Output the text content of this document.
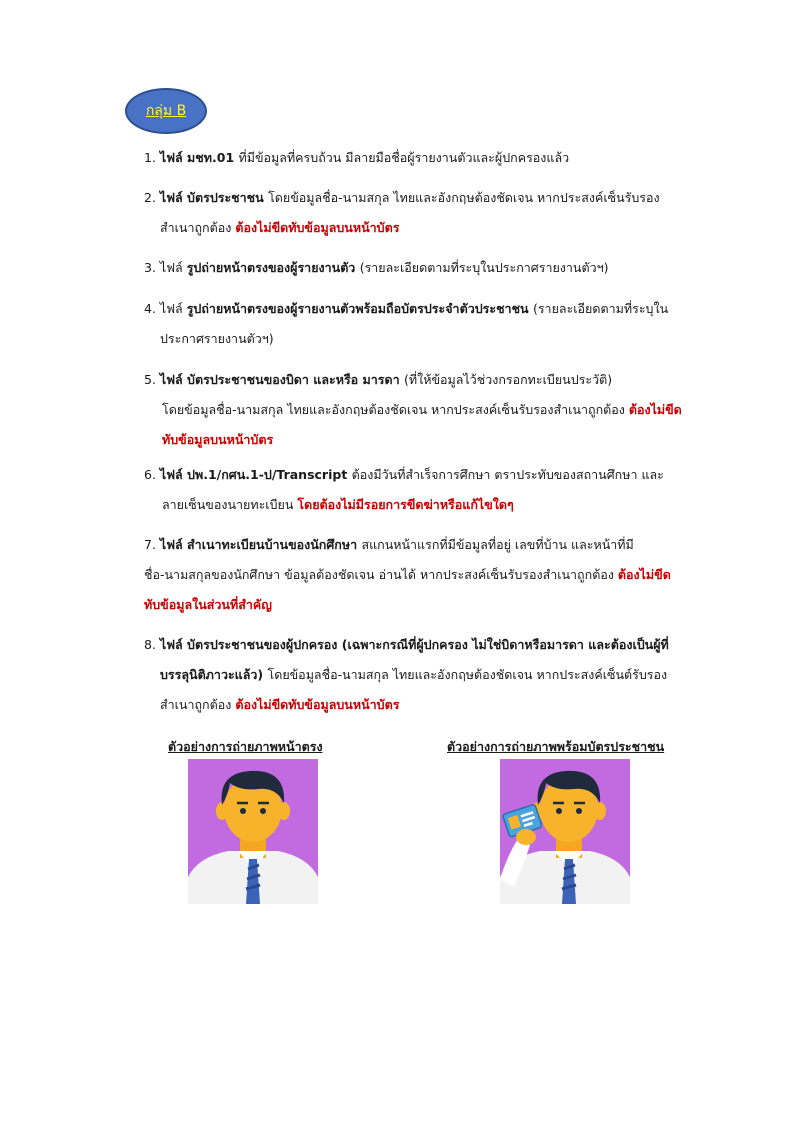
กลุ่ม B
1. ไฟล์ มชท.01 ที่มีข้อมูลที่ครบถ้วน มีลายมือชื่อผู้รายงานตัวและผู้ปกครองแล้ว
2. ไฟล์ บัตรประชาชน โดยข้อมูลชื่อ-นามสกุล ไทยและอังกฤษต้องชัดเจน หากประสงค์เซ็นรับรอง
สำเนาถูกต้อง ต้องไม่ขีดทับข้อมูลบนหน้าบัตร
3. ไฟล์ รูปถ่ายหน้าตรงของผู้รายงานตัว (รายละเอียดตามที่ระบุในประกาศรายงานตัวฯ)
4. ไฟล์ รูปถ่ายหน้าตรงของผู้รายงานตัวพร้อมถือบัตรประจำตัวประชาชน (รายละเอียดตามที่ระบุใน
ประกาศรายงานตัวฯ)
5. ไฟล์ บัตรประชาชนของบิดา และหรือ มารดา (ที่ให้ข้อมูลไว้ช่วงกรอกทะเบียนประวัติ)
โดยข้อมูลชื่อ-นามสกุล ไทยและอังกฤษต้องชัดเจน หากประสงค์เซ็นรับรองสำเนาถูกต้อง ต้องไม่ขีด
ทับข้อมูลบนหน้าบัตร
6. ไฟล์ ปพ.1/กศน.1-ป/Transcript ต้องมีวันที่สำเร็จการศึกษา ตราประทับของสถานศึกษา และ
ลายเซ็นของนายทะเบียน โดยต้องไม่มีรอยการขีดฆ่าหรือแก้ไขใดๆ
7. ไฟล์ สำเนาทะเบียนบ้านของนักศึกษา สแกนหน้าแรกที่มีข้อมูลที่อยู่ เลขที่บ้าน และหน้าที่มี
ชื่อ-นามสกุลของนักศึกษา ข้อมูลต้องชัดเจน อ่านได้ หากประสงค์เซ็นรับรองสำเนาถูกต้อง ต้องไม่ขีด
ทับข้อมูลในส่วนที่สำคัญ
8. ไฟล์ บัตรประชาชนของผู้ปกครอง (เฉพาะกรณีที่ผู้ปกครอง ไม่ใช่บิดาหรือมารดา และต้องเป็นผู้ที่
บรรลุนิติภาวะแล้ว) โดยข้อมูลชื่อ-นามสกุล ไทยและอังกฤษต้องชัดเจน หากประสงค์เซ็นต์รับรอง
สำเนาถูกต้อง ต้องไม่ขีดทับข้อมูลบนหน้าบัตร
ตัวอย่างการถ่ายภาพหน้าตรง	ตัวอย่างการถ่ายภาพพร้อมบัตรประชาชน
